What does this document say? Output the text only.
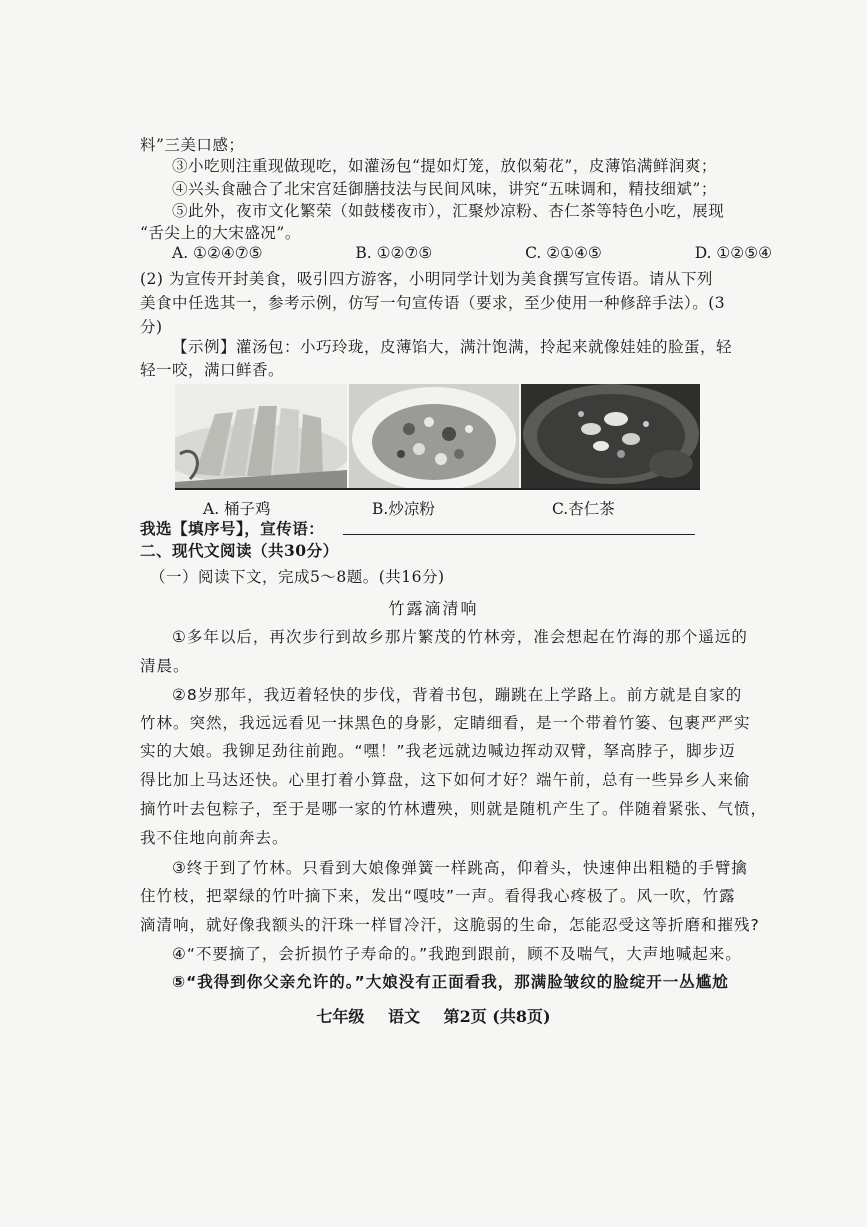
料”三美口感；
③小吃则注重现做现吃，如灌汤包“提如灯笼，放似菊花”，皮薄馅满鲜润爽；
④兴头食融合了北宋宫廷御膳技法与民间风味，讲究“五味调和，精技细斌”；
⑤此外，夜市文化繁荣（如鼓楼夜市），汇聚炒凉粉、杏仁茶等特色小吃，展现
“舌尖上的大宋盛况”。
A. ①②④⑦⑤	B. ①②⑦⑤	C. ②①④⑤	D. ①②⑤④
(2) 为宣传开封美食，吸引四方游客，小明同学计划为美食撰写宣传语。请从下列
美食中任选其一，参考示例，仿写一句宣传语（要求，至少使用一种修辞手法）。(3
分)
【示例】灌汤包：小巧玲珑，皮薄馅大，满汁饱满，拎起来就像娃娃的脸蛋，轻
轻一咬，满口鲜香。
A. 桶子鸡	B.炒凉粉	C.杏仁茶
我选【填序号】，宣传语：
二、现代文阅读（共30分）
（一）阅读下文，完成5～8题。(共16分)
竹露滴清响
①多年以后，再次步行到故乡那片繁茂的竹林旁，准会想起在竹海的那个遥远的
清晨。
②8岁那年，我迈着轻快的步伐，背着书包，蹦跳在上学路上。前方就是自家的
竹林。突然，我远远看见一抹黑色的身影，定睛细看，是一个带着竹篓、包裹严严实
实的大娘。我铆足劲往前跑。“嘿！”我老远就边喊边挥动双臂，拏高脖子，脚步迈
得比加上马达还快。心里打着小算盘，这下如何才好？端午前，总有一些异乡人来偷
摘竹叶去包粽子，至于是哪一家的竹林遭殃，则就是随机产生了。伴随着紧张、气愤，
我不住地向前奔去。
③终于到了竹林。只看到大娘像弹簧一样跳高，仰着头，快速伸出粗糙的手臂擒
住竹枝，把翠绿的竹叶摘下来，发出“嘎吱”一声。看得我心疼极了。风一吹，竹露
滴清响，就好像我额头的汗珠一样冒冷汗，这脆弱的生命，怎能忍受这等折磨和摧残?
④“不要摘了，会折损竹子寿命的。”我跑到跟前，顾不及喘气，大声地喊起来。
⑤“我得到你父亲允许的。”大娘没有正面看我，那满脸皱纹的脸绽开一丛尴尬
七年级 语文 第2页 (共8页)
